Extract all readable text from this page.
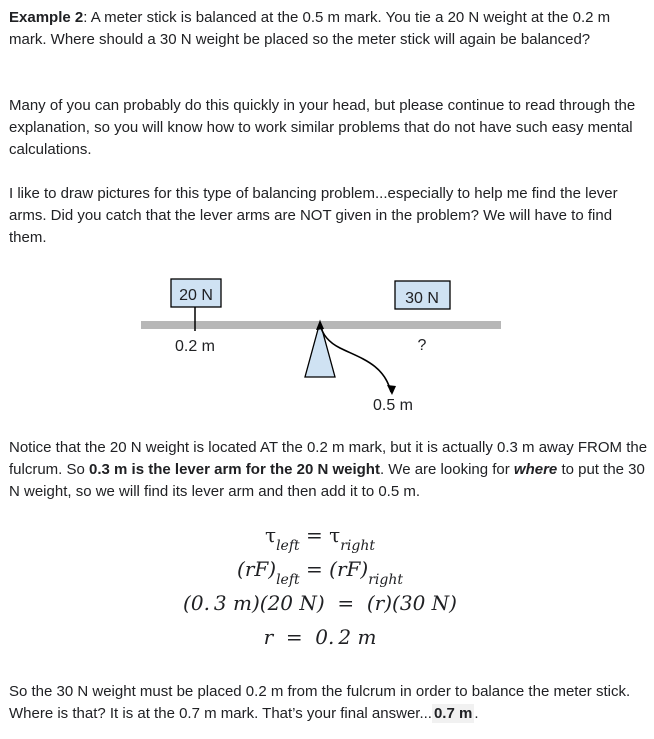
Example 2: A meter stick is balanced at the 0.5 m mark. You tie a 20 N weight at the 0.2 m mark. Where should a 30 N weight be placed so the meter stick will again be balanced?

Many of you can probably do this quickly in your head, but please continue to read through the explanation, so you will know how to work similar problems that do not have such easy mental calculations.

I like to draw pictures for this type of balancing problem...especially to help me find the lever arms. Did you catch that the lever arms are NOT given in the problem? We will have to find them.

20 N
0.2 m
30 N
?
0.5 m

Notice that the 20 N weight is located AT the 0.2 m mark, but it is actually 0.3 m away FROM the fulcrum. So 0.3 m is the lever arm for the 20 N weight. We are looking for where to put the 30 N weight, so we will find its lever arm and then add it to 0.5 m.

$\tau_{left} = \tau_{right}$
$(rF)_{left} = (rF)_{right}$
(0. 3 m)(20 N)  =  (r)(30 N)
r  =  0. 2 m

So the 30 N weight must be placed 0.2 m from the fulcrum in order to balance the meter stick. Where is that? It is at the 0.7 m mark. That’s your final answer... 0.7 m .
